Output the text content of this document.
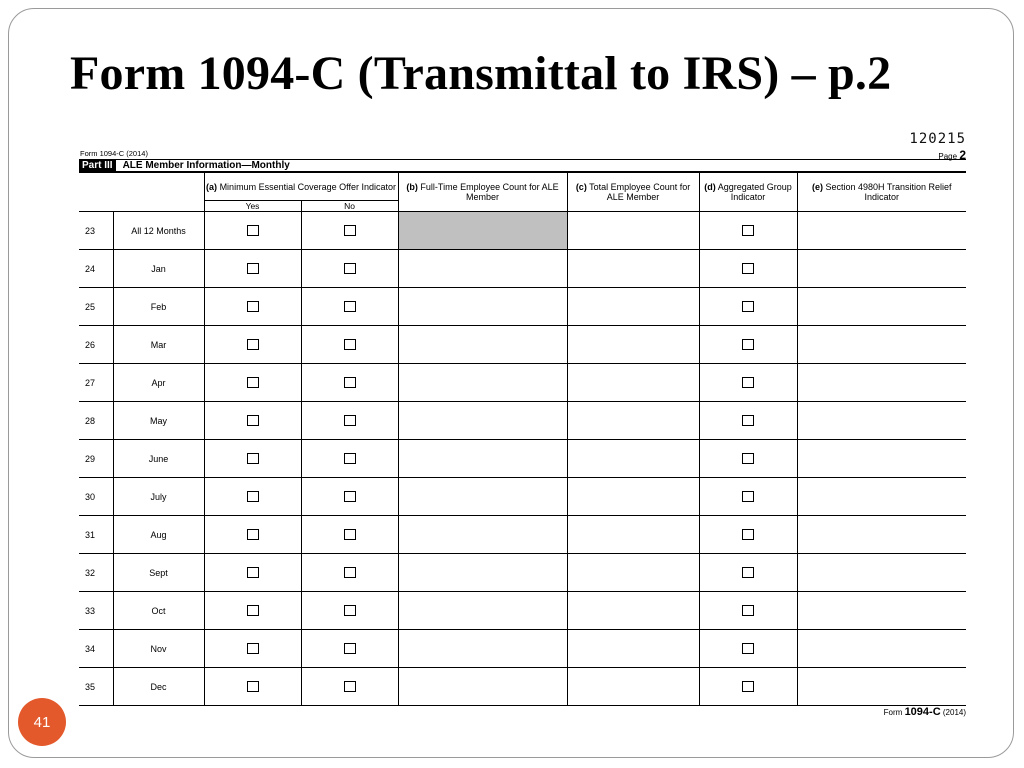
Form 1094-C (Transmittal to IRS) – p.2
Form 1094-C (2014)
120215
Page 2
Part III	ALE Member Information—Monthly
		(a) Minimum Essential Coverage Offer Indicator		(b) Full-Time Employee Count for ALE Member	(c) Total Employee Count for ALE Member	(d) Aggregated Group Indicator	(e) Section 4980H Transition Relief Indicator
		Yes	No				
23	All 12 Months						
24	Jan						
25	Feb						
26	Mar						
27	Apr						
28	May						
29	June						
30	July						
31	Aug						
32	Sept						
33	Oct						
34	Nov						
35	Dec						
Form 1094-C (2014)
41
